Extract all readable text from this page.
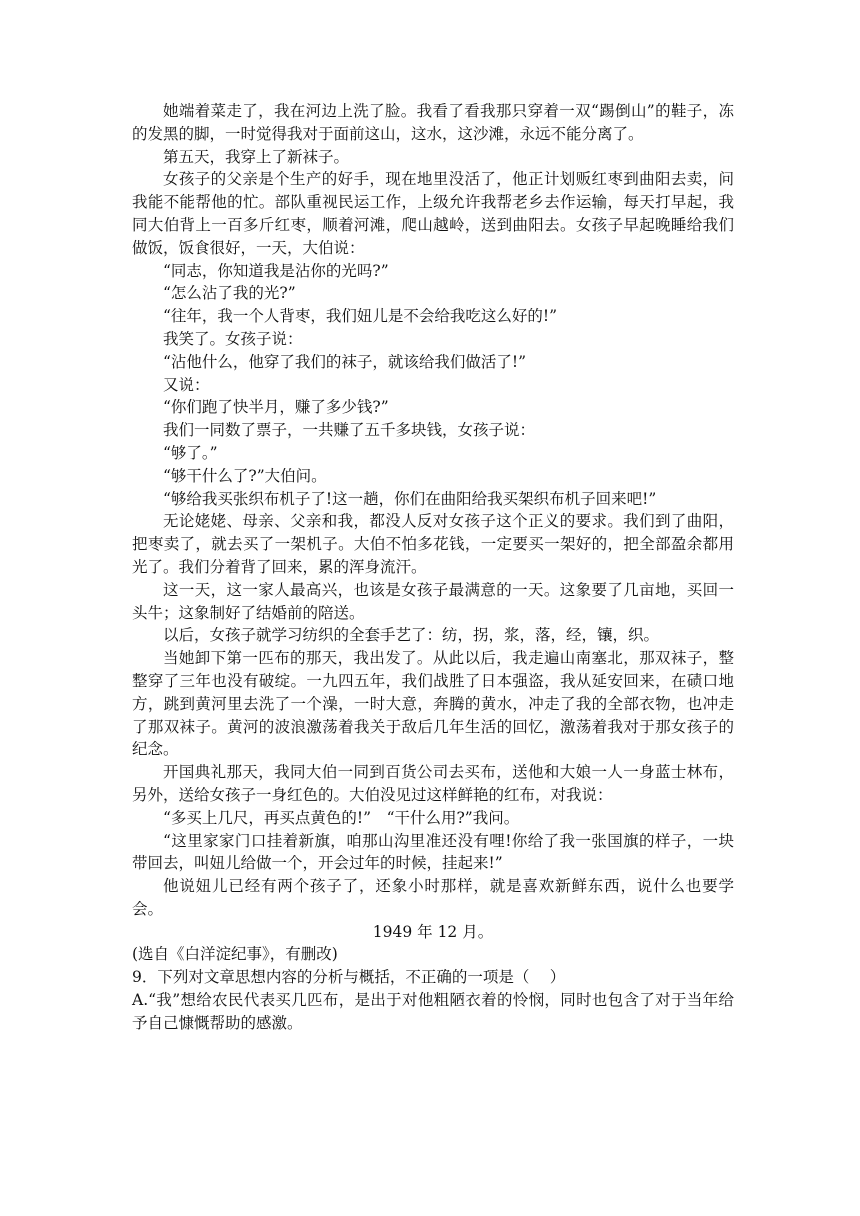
她端着菜走了，我在河边上洗了脸。我看了看我那只穿着一双“踢倒山”的鞋子，冻的发黑的脚，一时觉得我对于面前这山，这水，这沙滩，永远不能分离了。

第五天，我穿上了新袜子。

女孩子的父亲是个生产的好手，现在地里没活了，他正计划贩红枣到曲阳去卖，问我能不能帮他的忙。部队重视民运工作，上级允许我帮老乡去作运输，每天打早起，我同大伯背上一百多斤红枣，顺着河滩，爬山越岭，送到曲阳去。女孩子早起晚睡给我们做饭，饭食很好，一天，大伯说：

“同志，你知道我是沾你的光吗?”

“怎么沾了我的光?”

“往年，我一个人背枣，我们妞儿是不会给我吃这么好的!”

我笑了。女孩子说：

“沾他什么，他穿了我们的袜子，就该给我们做活了!”

又说：

“你们跑了快半月，赚了多少钱?”

我们一同数了票子，一共赚了五千多块钱，女孩子说：

“够了。”

“够干什么了?”大伯问。

“够给我买张织布机子了!这一趟，你们在曲阳给我买架织布机子回来吧!”

无论姥姥、母亲、父亲和我，都没人反对女孩子这个正义的要求。我们到了曲阳，把枣卖了，就去买了一架机子。大伯不怕多花钱，一定要买一架好的，把全部盈余都用光了。我们分着背了回来，累的浑身流汗。

这一天，这一家人最高兴，也该是女孩子最满意的一天。这象要了几亩地，买回一头牛；这象制好了结婚前的陪送。

以后，女孩子就学习纺织的全套手艺了：纺，拐，浆，落，经，镶，织。

当她卸下第一匹布的那天，我出发了。从此以后，我走遍山南塞北，那双袜子，整整穿了三年也没有破绽。一九四五年，我们战胜了日本强盗，我从延安回来，在碛口地方，跳到黄河里去洗了一个澡，一时大意，奔腾的黄水，冲走了我的全部衣物，也冲走了那双袜子。黄河的波浪激荡着我关于敌后几年生活的回忆，激荡着我对于那女孩子的纪念。

开国典礼那天，我同大伯一同到百货公司去买布，送他和大娘一人一身蓝士林布，另外，送给女孩子一身红色的。大伯没见过这样鲜艳的红布，对我说：

“多买上几尺，再买点黄色的!”　“干什么用?”我问。

“这里家家门口挂着新旗，咱那山沟里准还没有哩!你给了我一张国旗的样子，一块带回去，叫妞儿给做一个，开会过年的时候，挂起来!”

他说妞儿已经有两个孩子了，还象小时那样，就是喜欢新鲜东西，说什么也要学会。

1949 年 12 月。

(选自《白洋淀纪事》，有删改)

9．下列对文章思想内容的分析与概括，不正确的一项是（　 ）

A.“我”想给农民代表买几匹布，是出于对他粗陋衣着的怜悯，同时也包含了对于当年给予自己慷慨帮助的感激。
